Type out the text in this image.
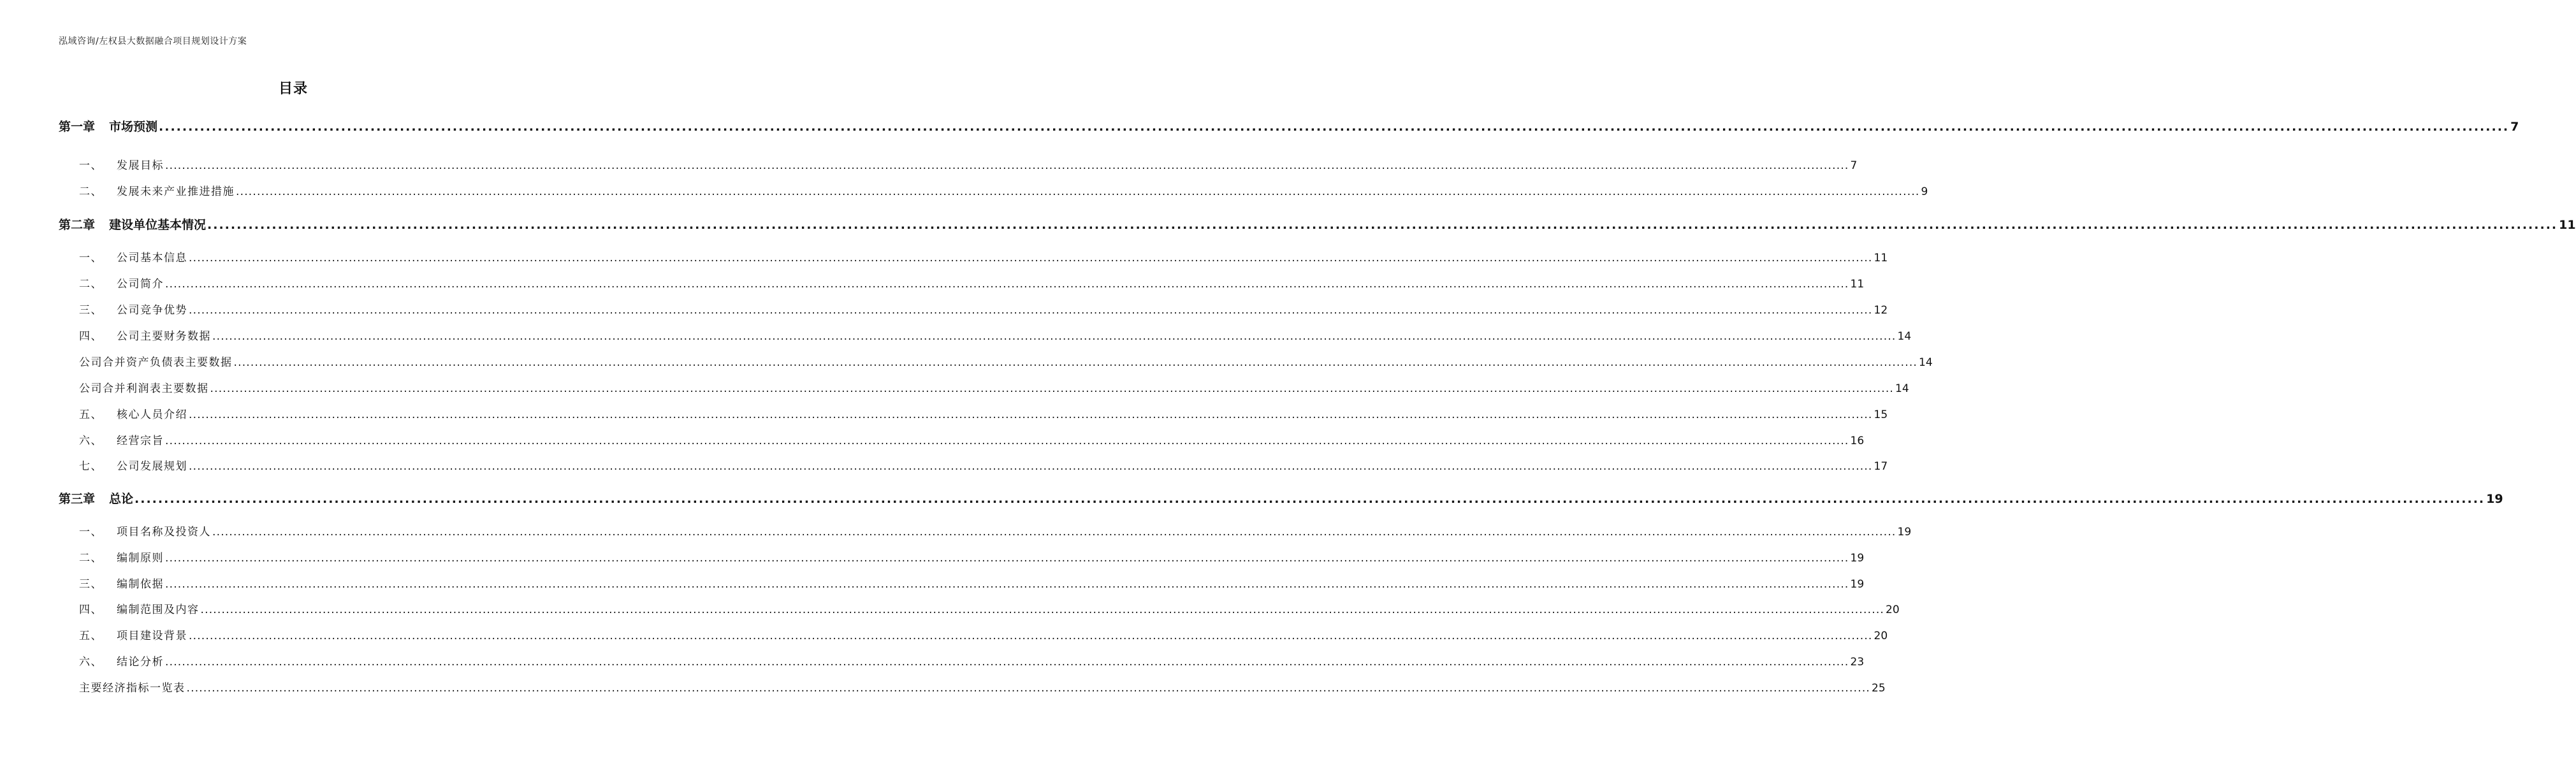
泓域咨询/左权县大数据融合项目规划设计方案
目录
第一章 市场预测 ................................................................................................................................................................................................................................................................................................................................................................................................................ 7
一、 发展目标 ................................................................................................................................................................................................................................................................................................................................................................................................................ 7
二、 发展未来产业推进措施 ................................................................................................................................................................................................................................................................................................................................................................................................................ 9
第二章 建设单位基本情况 ................................................................................................................................................................................................................................................................................................................................................................................................................ 11
一、 公司基本信息 ................................................................................................................................................................................................................................................................................................................................................................................................................ 11
二、 公司简介 ................................................................................................................................................................................................................................................................................................................................................................................................................ 11
三、 公司竞争优势 ................................................................................................................................................................................................................................................................................................................................................................................................................ 12
四、 公司主要财务数据 ................................................................................................................................................................................................................................................................................................................................................................................................................ 14
公司合并资产负债表主要数据 ................................................................................................................................................................................................................................................................................................................................................................................................................ 14
公司合并利润表主要数据 ................................................................................................................................................................................................................................................................................................................................................................................................................ 14
五、 核心人员介绍 ................................................................................................................................................................................................................................................................................................................................................................................................................ 15
六、 经营宗旨 ................................................................................................................................................................................................................................................................................................................................................................................................................ 16
七、 公司发展规划 ................................................................................................................................................................................................................................................................................................................................................................................................................ 17
第三章 总论 ................................................................................................................................................................................................................................................................................................................................................................................................................ 19
一、 项目名称及投资人 ................................................................................................................................................................................................................................................................................................................................................................................................................ 19
二、 编制原则 ................................................................................................................................................................................................................................................................................................................................................................................................................ 19
三、 编制依据 ................................................................................................................................................................................................................................................................................................................................................................................................................ 19
四、 编制范围及内容 ................................................................................................................................................................................................................................................................................................................................................................................................................ 20
五、 项目建设背景 ................................................................................................................................................................................................................................................................................................................................................................................................................ 20
六、 结论分析 ................................................................................................................................................................................................................................................................................................................................................................................................................ 23
主要经济指标一览表 ................................................................................................................................................................................................................................................................................................................................................................................................................ 25
